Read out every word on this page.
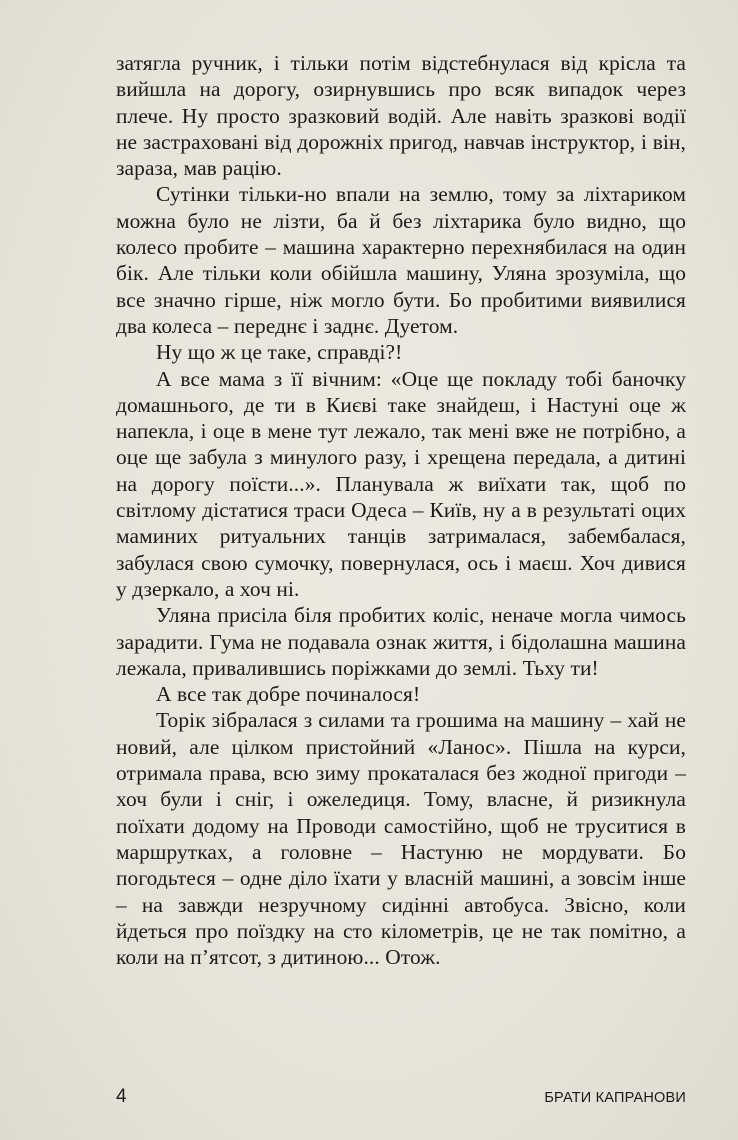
затягла ручник, і тільки потім відстебнулася від крісла та вийшла на дорогу, озирнувшись про всяк випадок через плече. Ну просто зразковий водій. Але навіть зразкові водії не застраховані від дорожніх пригод, навчав інструктор, і він, зараза, мав рацію.

Сутінки тільки-но впали на землю, тому за ліхтариком можна було не лізти, ба й без ліхтарика було видно, що колесо пробите – машина характерно перехнябилася на один бік. Але тільки коли обійшла машину, Уляна зрозуміла, що все значно гірше, ніж могло бути. Бо пробитими виявилися два колеса – переднє і заднє. Дуетом.

Ну що ж це таке, справді?!

А все мама з її вічним: «Оце ще покладу тобі баночку домашнього, де ти в Києві таке знайдеш, і Настуні оце ж напекла, і оце в мене тут лежало, так мені вже не потрібно, а оце ще забула з минулого разу, і хрещена передала, а дитині на дорогу поїсти...». Планувала ж виїхати так, щоб по світлому дістатися траси Одеса – Київ, ну а в результаті оцих маминих ритуальних танців затрималася, забембалася, забулася свою сумочку, повернулася, ось і маєш. Хоч дивися у дзеркало, а хоч ні.

Уляна присіла біля пробитих коліс, неначе могла чимось зарадити. Гума не подавала ознак життя, і бідолашна машина лежала, привалившись поріжками до землі. Тьху ти!

А все так добре починалося!

Торік зібралася з силами та грошима на машину – хай не новий, але цілком пристойний «Ланос». Пішла на курси, отримала права, всю зиму прокаталася без жодної пригоди – хоч були і сніг, і ожеледиця. Тому, власне, й ризикнула поїхати додому на Проводи самостійно, щоб не труситися в маршрутках, а головне – Настуню не мордувати. Бо погодьтеся – одне діло їхати у власній машині, а зовсім інше – на завжди незручному сидінні автобуса. Звісно, коли йдеться про поїздку на сто кілометрів, це не так помітно, а коли на п’ятсот, з дитиною... Отож.

4	БРАТИ КАПРАНОВИ
